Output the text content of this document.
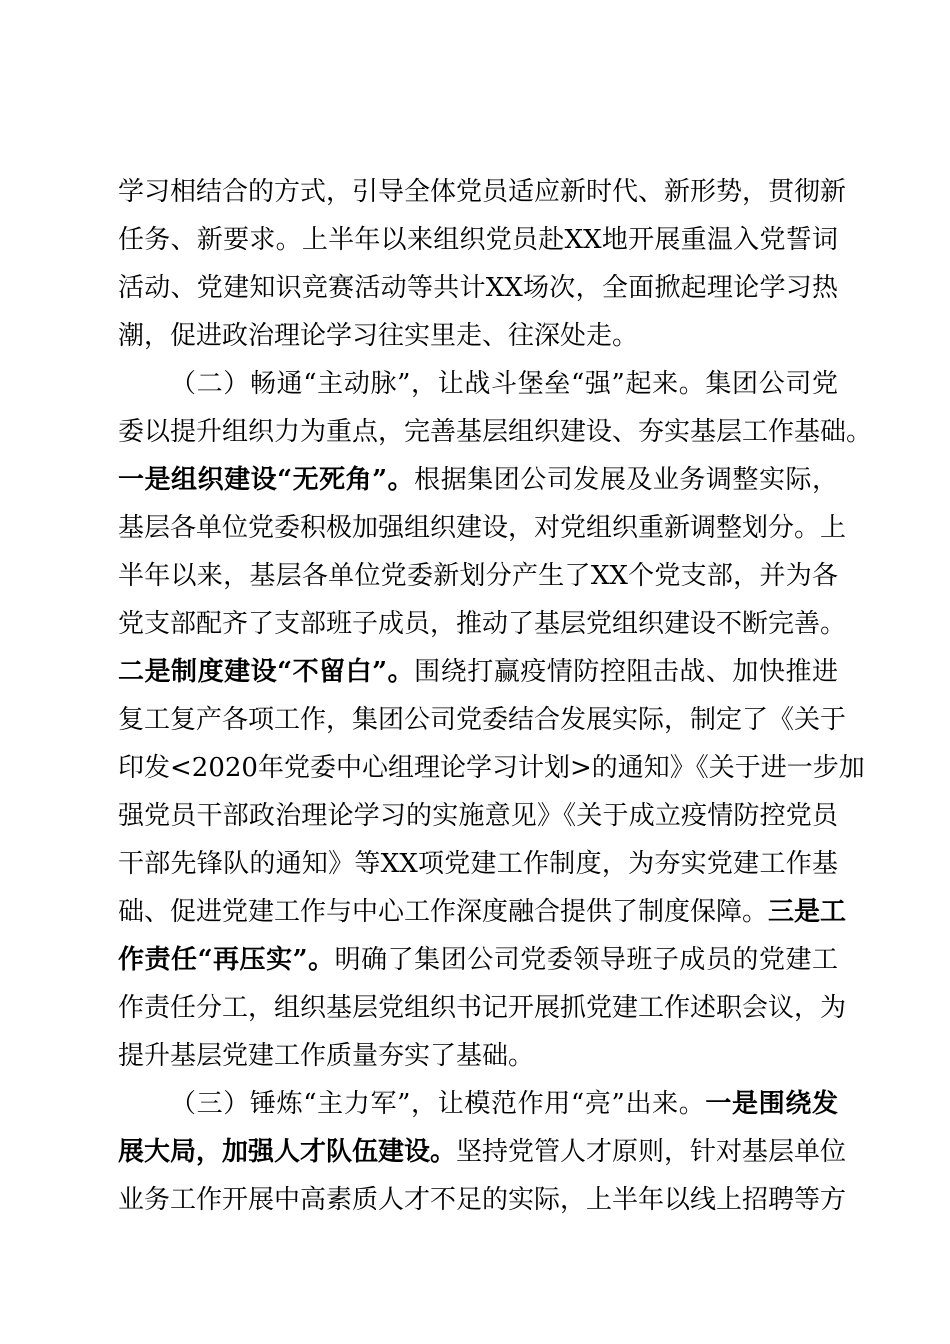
学习相结合的方式，引导全体党员适应新时代、新形势，贯彻新
任务、新要求。上半年以来组织党员赴XX地开展重温入党誓词
活动、党建知识竞赛活动等共计XX场次，全面掀起理论学习热
潮，促进政治理论学习往实里走、往深处走。
（二）畅通“主动脉”，让战斗堡垒“强”起来。集团公司党
委以提升组织力为重点，完善基层组织建设、夯实基层工作基础。
一是组织建设“无死角”。根据集团公司发展及业务调整实际，
基层各单位党委积极加强组织建设，对党组织重新调整划分。上
半年以来，基层各单位党委新划分产生了XX个党支部，并为各
党支部配齐了支部班子成员，推动了基层党组织建设不断完善。
二是制度建设“不留白”。围绕打赢疫情防控阻击战、加快推进
复工复产各项工作，集团公司党委结合发展实际，制定了《关于
印发<2020年党委中心组理论学习计划>的通知》《关于进一步加
强党员干部政治理论学习的实施意见》《关于成立疫情防控党员
干部先锋队的通知》等XX项党建工作制度，为夯实党建工作基
础、促进党建工作与中心工作深度融合提供了制度保障。三是工
作责任“再压实”。明确了集团公司党委领导班子成员的党建工
作责任分工，组织基层党组织书记开展抓党建工作述职会议，为
提升基层党建工作质量夯实了基础。
（三）锤炼“主力军”，让模范作用“亮”出来。一是围绕发
展大局，加强人才队伍建设。坚持党管人才原则，针对基层单位
业务工作开展中高素质人才不足的实际，上半年以线上招聘等方
